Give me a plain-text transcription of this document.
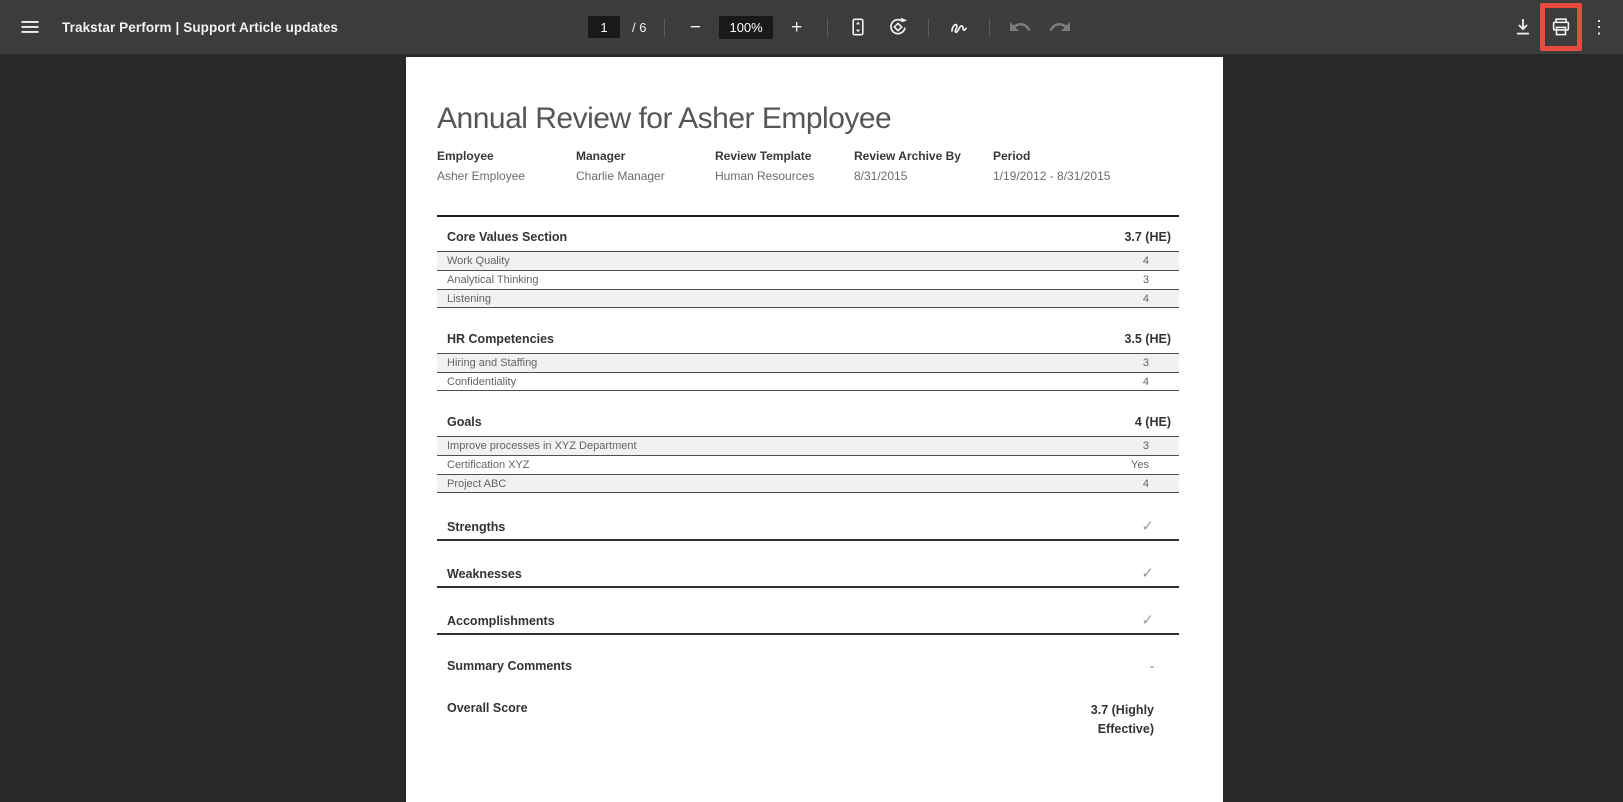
Trakstar Perform | Support Article updates
1	/ 6	−	100%	+	⋮
Annual Review for Asher Employee
Employee
Asher Employee
Manager
Charlie Manager
Review Template
Human Resources
Review Archive By
8/31/2015
Period
1/19/2012 - 8/31/2015
Core Values Section	3.7 (HE)
Work Quality	4
Analytical Thinking	3
Listening	4
HR Competencies	3.5 (HE)
Hiring and Staffing	3
Confidentiality	4
Goals	4 (HE)
Improve processes in XYZ Department	3
Certification XYZ	Yes
Project ABC	4
Strengths	✓
Weaknesses	✓
Accomplishments	✓
Summary Comments	-
Overall Score	3.7 (Highly Effective)
